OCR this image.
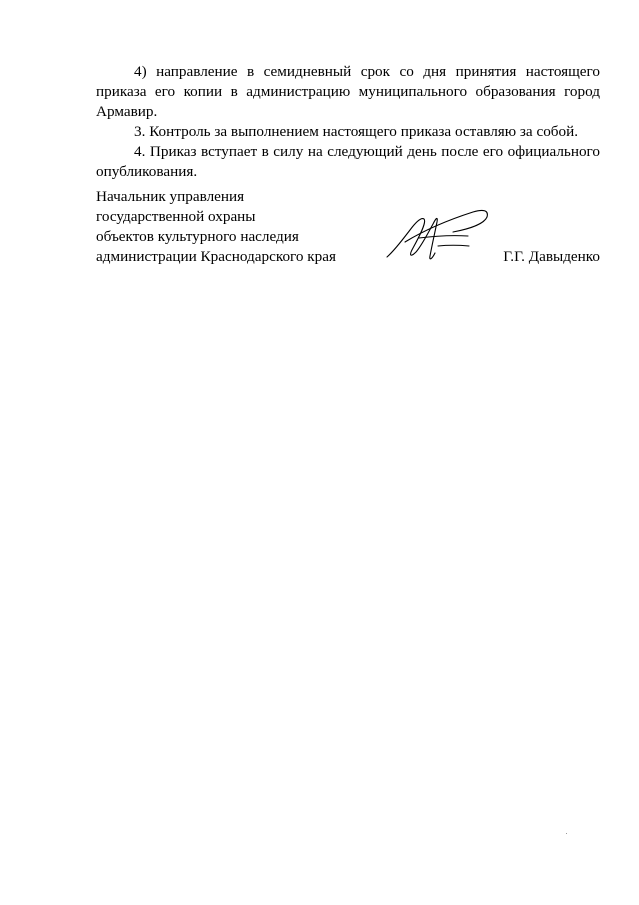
4) направление в семидневный срок со дня принятия настоящего приказа его копии в администрацию муниципального образования город Армавир.

3. Контроль за выполнением настоящего приказа оставляю за собой.

4. Приказ вступает в силу на следующий день после его официального опубликования.

Начальник управления
государственной охраны
объектов культурного наследия
администрации Краснодарского края	Г.Г. Давыденко
